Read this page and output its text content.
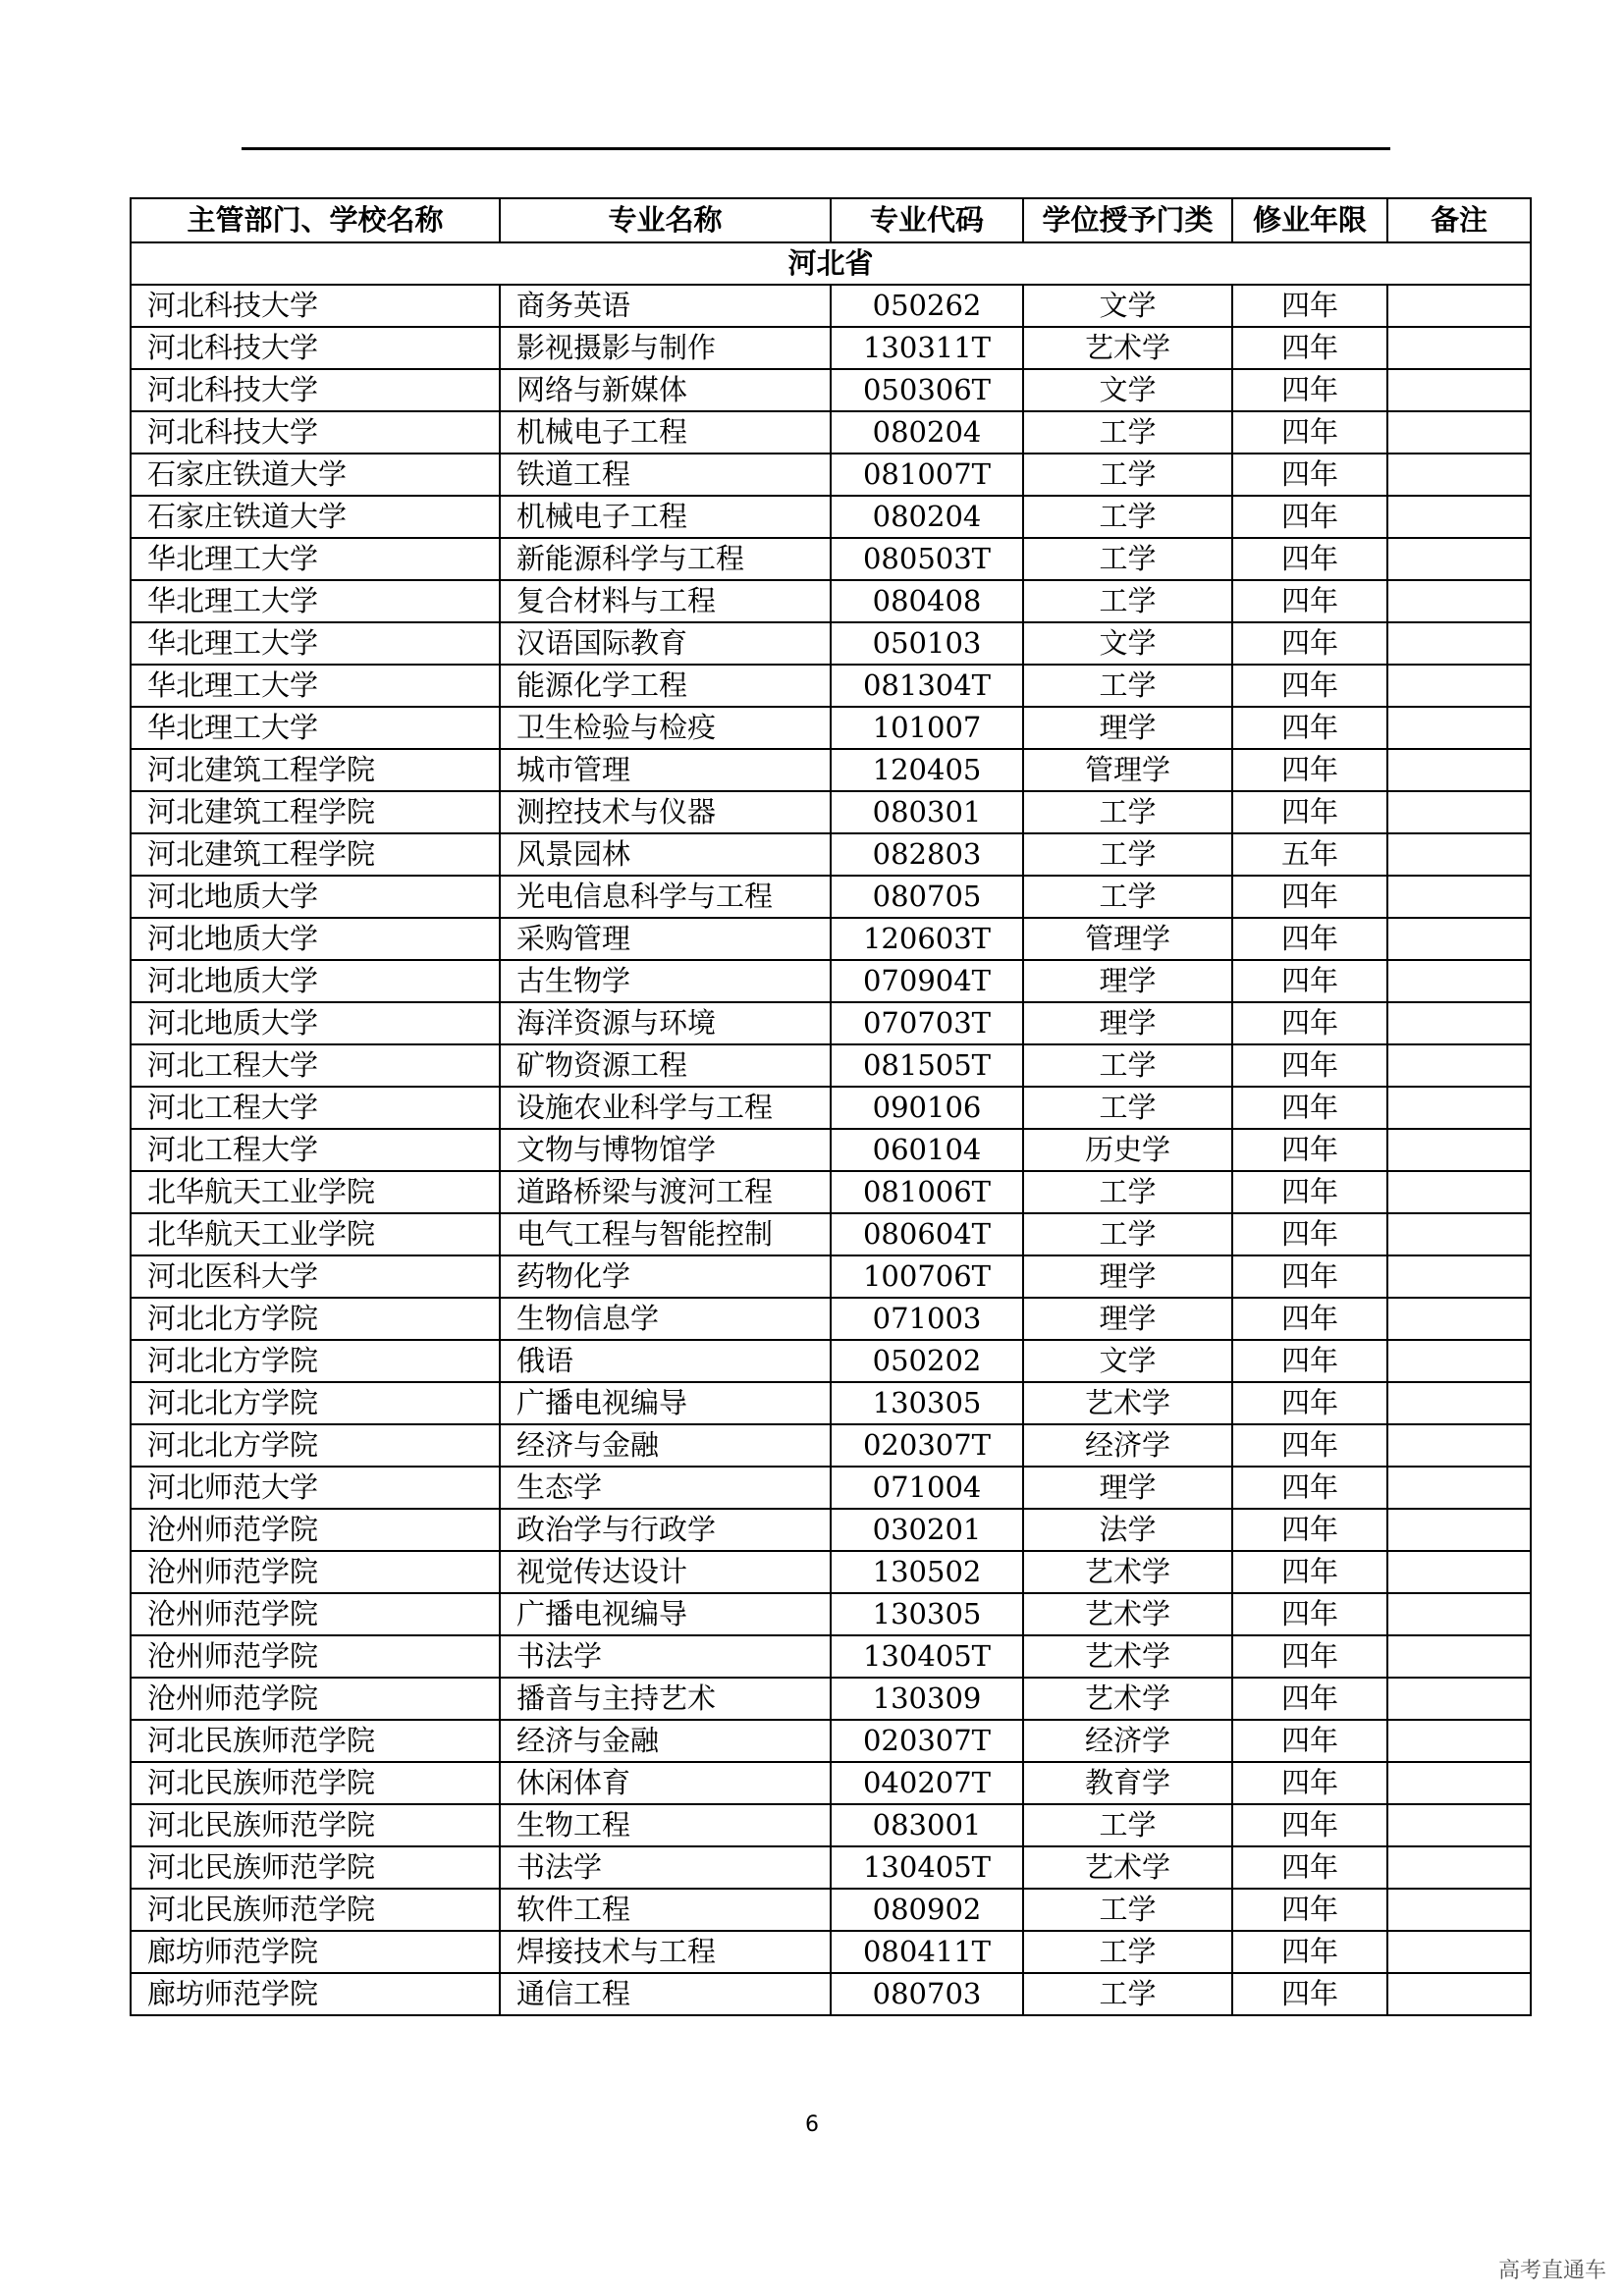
主管部门、学校名称	专业名称	专业代码	学位授予门类	修业年限	备注
河北省					
河北科技大学	商务英语	050262	文学	四年	
河北科技大学	影视摄影与制作	130311T	艺术学	四年	
河北科技大学	网络与新媒体	050306T	文学	四年	
河北科技大学	机械电子工程	080204	工学	四年	
石家庄铁道大学	铁道工程	081007T	工学	四年	
石家庄铁道大学	机械电子工程	080204	工学	四年	
华北理工大学	新能源科学与工程	080503T	工学	四年	
华北理工大学	复合材料与工程	080408	工学	四年	
华北理工大学	汉语国际教育	050103	文学	四年	
华北理工大学	能源化学工程	081304T	工学	四年	
华北理工大学	卫生检验与检疫	101007	理学	四年	
河北建筑工程学院	城市管理	120405	管理学	四年	
河北建筑工程学院	测控技术与仪器	080301	工学	四年	
河北建筑工程学院	风景园林	082803	工学	五年	
河北地质大学	光电信息科学与工程	080705	工学	四年	
河北地质大学	采购管理	120603T	管理学	四年	
河北地质大学	古生物学	070904T	理学	四年	
河北地质大学	海洋资源与环境	070703T	理学	四年	
河北工程大学	矿物资源工程	081505T	工学	四年	
河北工程大学	设施农业科学与工程	090106	工学	四年	
河北工程大学	文物与博物馆学	060104	历史学	四年	
北华航天工业学院	道路桥梁与渡河工程	081006T	工学	四年	
北华航天工业学院	电气工程与智能控制	080604T	工学	四年	
河北医科大学	药物化学	100706T	理学	四年	
河北北方学院	生物信息学	071003	理学	四年	
河北北方学院	俄语	050202	文学	四年	
河北北方学院	广播电视编导	130305	艺术学	四年	
河北北方学院	经济与金融	020307T	经济学	四年	
河北师范大学	生态学	071004	理学	四年	
沧州师范学院	政治学与行政学	030201	法学	四年	
沧州师范学院	视觉传达设计	130502	艺术学	四年	
沧州师范学院	广播电视编导	130305	艺术学	四年	
沧州师范学院	书法学	130405T	艺术学	四年	
沧州师范学院	播音与主持艺术	130309	艺术学	四年	
河北民族师范学院	经济与金融	020307T	经济学	四年	
河北民族师范学院	休闲体育	040207T	教育学	四年	
河北民族师范学院	生物工程	083001	工学	四年	
河北民族师范学院	书法学	130405T	艺术学	四年	
河北民族师范学院	软件工程	080902	工学	四年	
廊坊师范学院	焊接技术与工程	080411T	工学	四年	
廊坊师范学院	通信工程	080703	工学	四年	
6
高考直通车
